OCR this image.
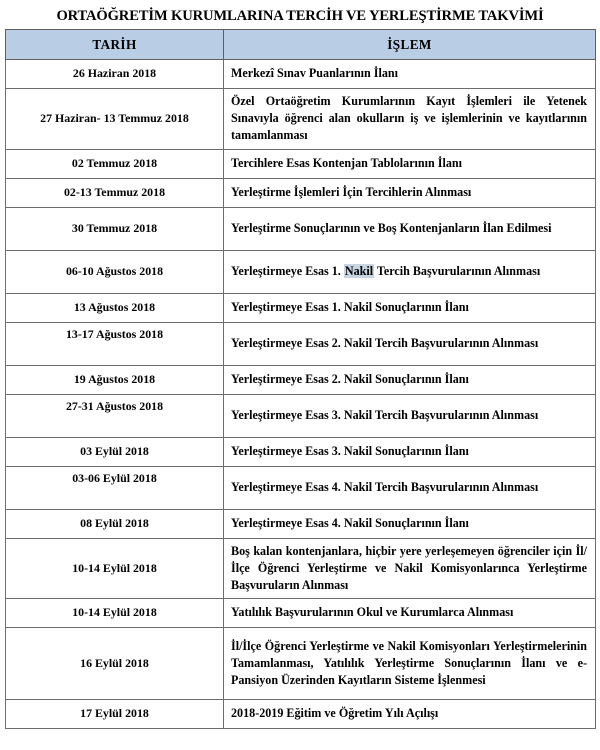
ORTAÖĞRETİM KURUMLARINA TERCİH VE YERLEŞTİRME TAKVİMİ
TARİH	İŞLEM
26 Haziran 2018	Merkezî Sınav Puanlarının İlanı
27 Haziran- 13 Temmuz 2018	Özel Ortaöğretim Kurumlarının Kayıt İşlemleri ile Yetenek Sınavıyla öğrenci alan okulların iş ve işlemlerinin ve kayıtlarının tamamlanması
02 Temmuz 2018	Tercihlere Esas Kontenjan Tablolarının İlanı
02-13 Temmuz 2018	Yerleştirme İşlemleri İçin Tercihlerin Alınması
30 Temmuz 2018	Yerleştirme Sonuçlarının ve Boş Kontenjanların İlan Edilmesi
06-10 Ağustos 2018	Yerleştirmeye Esas 1. Nakil Tercih Başvurularının Alınması
13 Ağustos 2018	Yerleştirmeye Esas 1. Nakil Sonuçlarının İlanı
13-17 Ağustos 2018	Yerleştirmeye Esas 2. Nakil Tercih Başvurularının Alınması
19 Ağustos 2018	Yerleştirmeye Esas 2. Nakil Sonuçlarının İlanı
27-31 Ağustos 2018	Yerleştirmeye Esas 3. Nakil Tercih Başvurularının Alınması
03 Eylül 2018	Yerleştirmeye Esas 3. Nakil Sonuçlarının İlanı
03-06 Eylül 2018	Yerleştirmeye Esas 4. Nakil Tercih Başvurularının Alınması
08 Eylül 2018	Yerleştirmeye Esas 4. Nakil Sonuçlarının İlanı
10-14 Eylül 2018	Boş kalan kontenjanlara, hiçbir yere yerleşemeyen öğrenciler için İl/İlçe Öğrenci Yerleştirme ve Nakil Komisyonlarınca Yerleştirme Başvuruların Alınması
10-14 Eylül 2018	Yatılılık Başvurularının Okul ve Kurumlarca Alınması
16 Eylül 2018	İl/İlçe Öğrenci Yerleştirme ve Nakil Komisyonları Yerleştirmelerinin Tamamlanması, Yatılılık Yerleştirme Sonuçlarının İlanı ve e-Pansiyon Üzerinden Kayıtların Sisteme İşlenmesi
17 Eylül 2018	2018-2019 Eğitim ve Öğretim Yılı Açılışı
